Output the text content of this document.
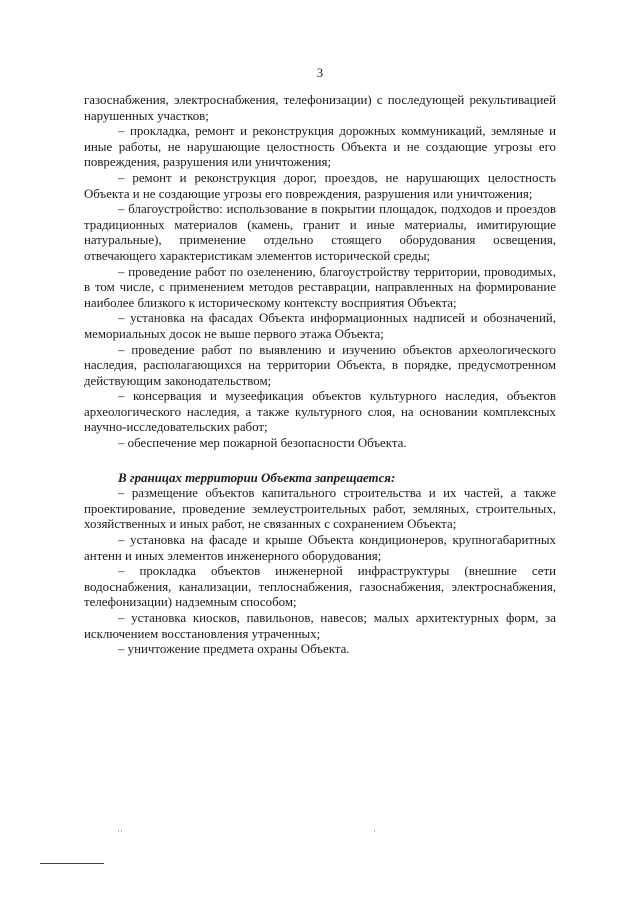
3

газоснабжения, электроснабжения, телефонизации) с последующей рекультивацией нарушенных участков;

– прокладка, ремонт и реконструкция дорожных коммуникаций, земляные и иные работы, не нарушающие целостность Объекта и не создающие угрозы его повреждения, разрушения или уничтожения;

– ремонт и реконструкция дорог, проездов, не нарушающих целостность Объекта и не создающие угрозы его повреждения, разрушения или уничтожения;

– благоустройство: использование в покрытии площадок, подходов и проездов традиционных материалов (камень, гранит и иные материалы, имитирующие натуральные), применение отдельно стоящего оборудования освещения, отвечающего характеристикам элементов исторической среды;

– проведение работ по озеленению, благоустройству территории, проводимых, в том числе, с применением методов реставрации, направленных на формирование наиболее близкого к историческому контексту восприятия Объекта;

– установка на фасадах Объекта информационных надписей и обозначений, мемориальных досок не выше первого этажа Объекта;

– проведение работ по выявлению и изучению объектов археологического наследия, располагающихся на территории Объекта, в порядке, предусмотренном действующим законодательством;

– консервация и музеефикация объектов культурного наследия, объектов археологического наследия, а также культурного слоя, на основании комплексных научно-исследовательских работ;

– обеспечение мер пожарной безопасности Объекта.

В границах территории Объекта запрещается:

– размещение объектов капитального строительства и их частей, а также проектирование, проведение землеустроительных работ, земляных, строительных, хозяйственных и иных работ, не связанных с сохранением Объекта;

– установка на фасаде и крыше Объекта кондиционеров, крупногабаритных антенн и иных элементов инженерного оборудования;

– прокладка объектов инженерной инфраструктуры (внешние сети водоснабжения, канализации, теплоснабжения, газоснабжения, электроснабжения, телефонизации) надземным способом;

– установка киосков, павильонов, навесов; малых архитектурных форм, за исключением восстановления утраченных;

– уничтожение предмета охраны Объекта.

··	·
